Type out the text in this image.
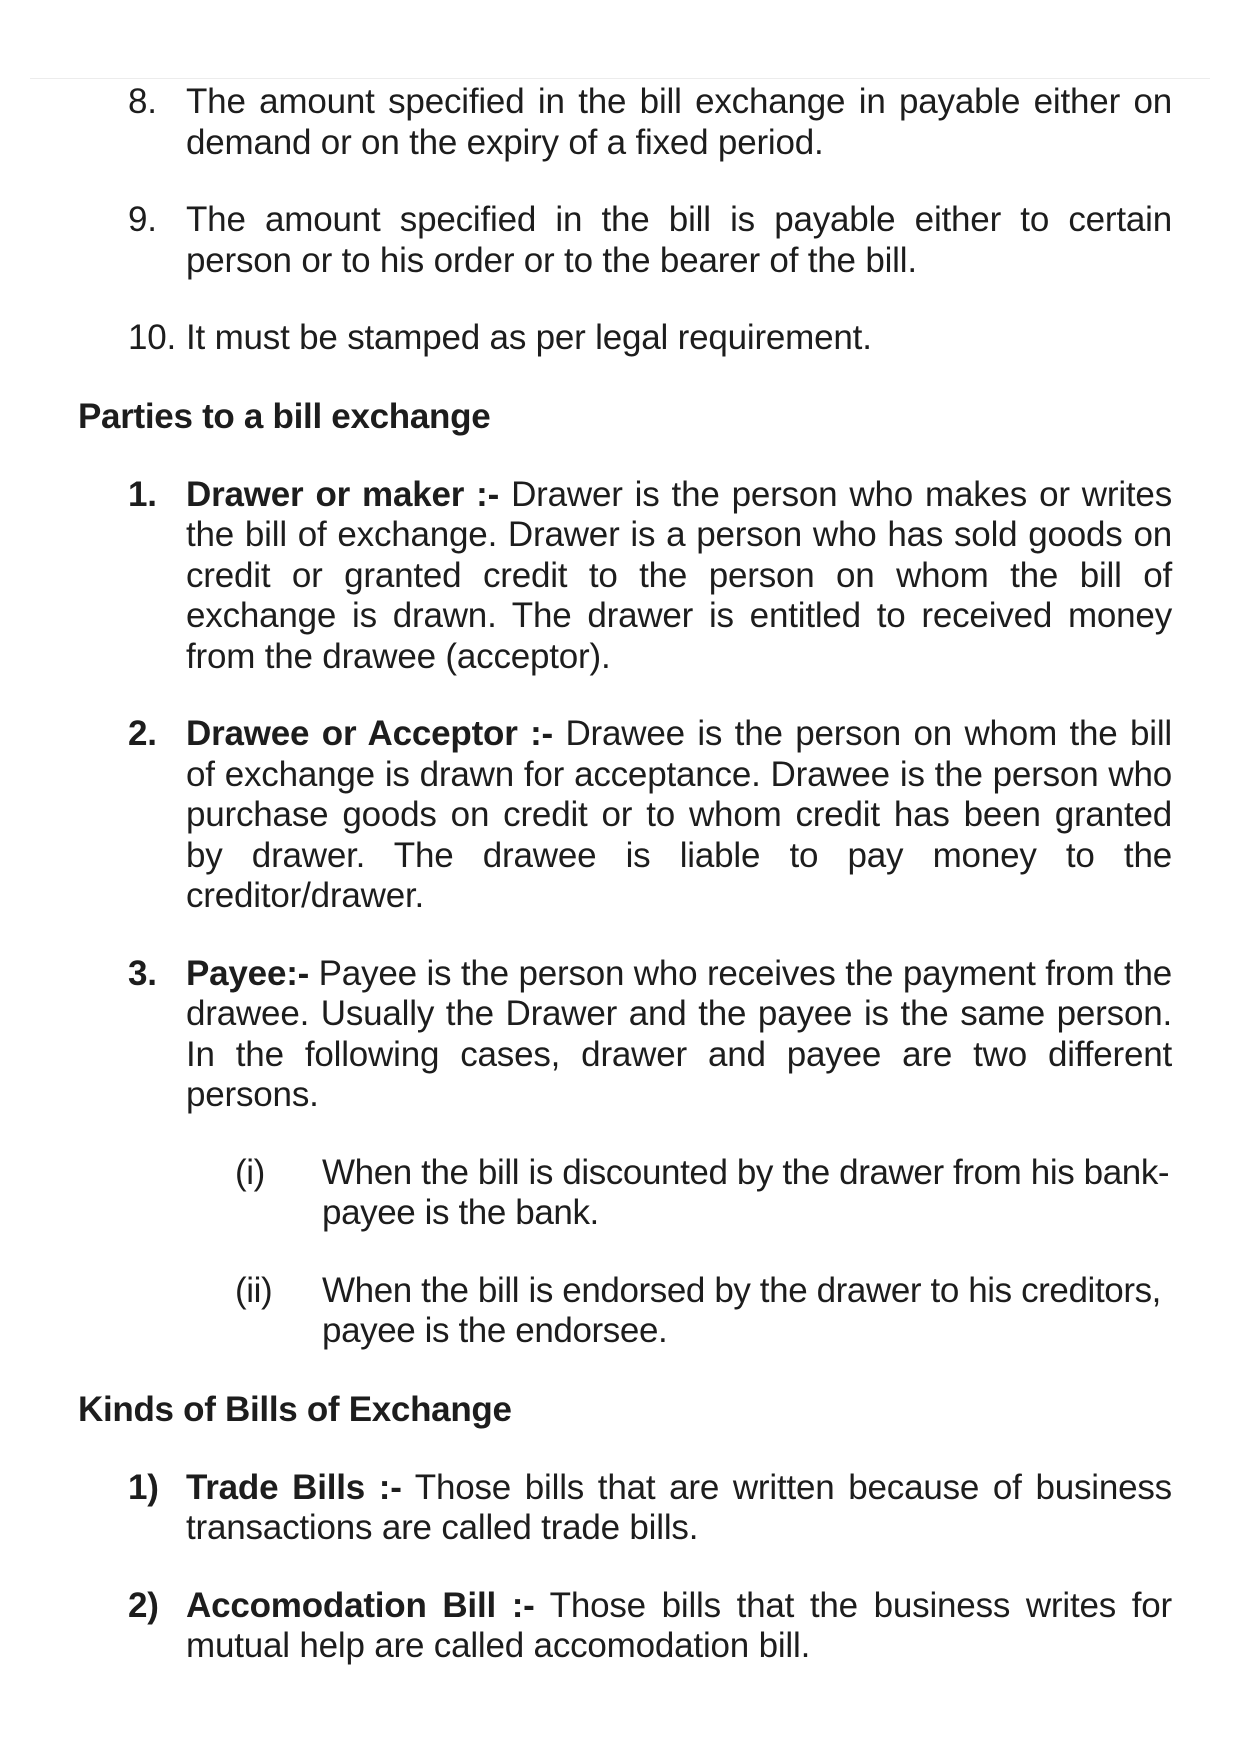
8. The amount specified in the bill exchange in payable either on demand or on the expiry of a fixed period.
9. The amount specified in the bill is payable either to certain person or to his order or to the bearer of the bill.
10. It must be stamped as per legal requirement.
Parties to a bill exchange
1. Drawer or maker :- Drawer is the person who makes or writes the bill of exchange. Drawer is a person who has sold goods on credit or granted credit to the person on whom the bill of exchange is drawn. The drawer is entitled to received money from the drawee (acceptor).
2. Drawee or Acceptor :- Drawee is the person on whom the bill of exchange is drawn for acceptance. Drawee is the person who purchase goods on credit or to whom credit has been granted by drawer. The drawee is liable to pay money to the creditor/drawer.
3. Payee:- Payee is the person who receives the payment from the drawee. Usually the Drawer and the payee is the same person. In the following cases, drawer and payee are two different persons.
(i) When the bill is discounted by the drawer from his bank-payee is the bank.
(ii) When the bill is endorsed by the drawer to his creditors, payee is the endorsee.
Kinds of Bills of Exchange
1) Trade Bills :- Those bills that are written because of business transactions are called trade bills.
2) Accomodation Bill :- Those bills that the business writes for mutual help are called accomodation bill.
